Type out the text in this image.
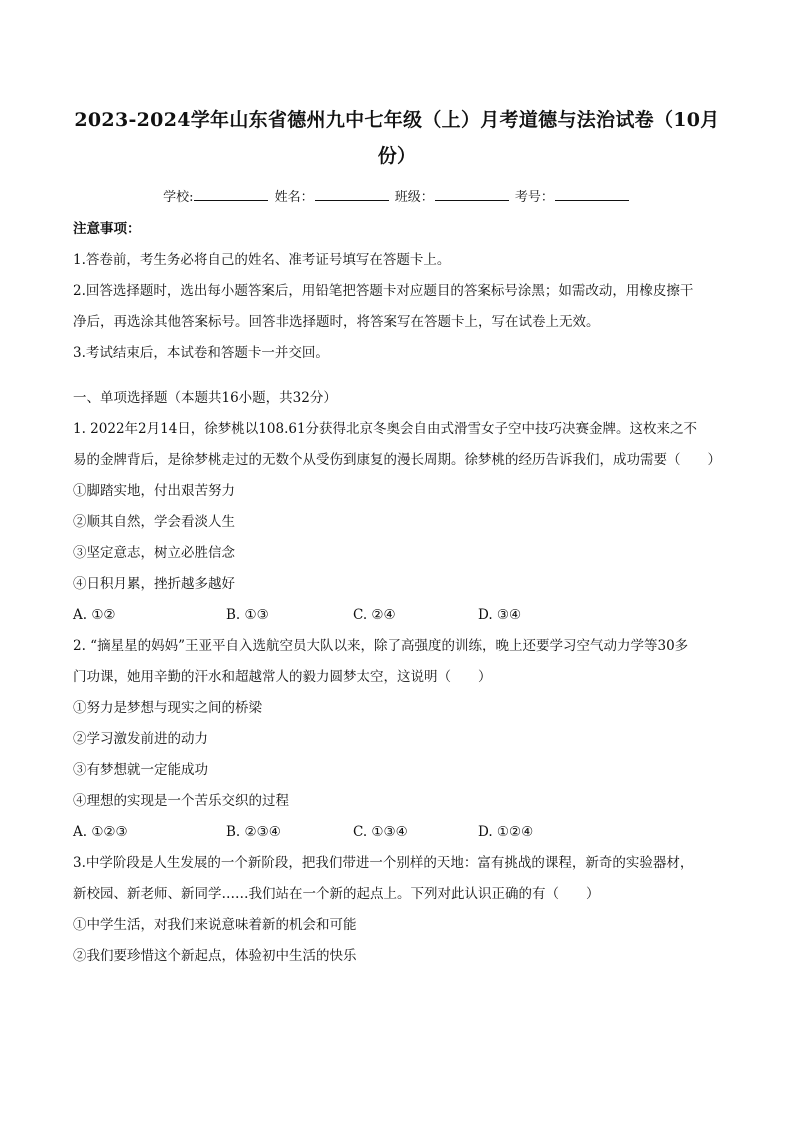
2023-2024学年山东省德州九中七年级（上）月考道德与法治试卷（10月份）
学校:	姓名：	班级：	考号：
注意事项：
1.答卷前，考生务必将自己的姓名、准考证号填写在答题卡上。
2.回答选择题时，选出每小题答案后，用铅笔把答题卡对应题目的答案标号涂黑；如需改动，用橡皮擦干
净后，再选涂其他答案标号。回答非选择题时，将答案写在答题卡上，写在试卷上无效。
3.考试结束后，本试卷和答题卡一并交回。
一、单项选择题（本题共16小题，共32分）
1. 2022年2月14日，徐梦桃以108.61分获得北京冬奥会自由式滑雪女子空中技巧决赛金牌。这枚来之不
易的金牌背后，是徐梦桃走过的无数个从受伤到康复的漫长周期。徐梦桃的经历告诉我们，成功需要（　　）
①脚踏实地，付出艰苦努力
②顺其自然，学会看淡人生
③坚定意志，树立必胜信念
④日积月累，挫折越多越好
A. ①②	B. ①③	C. ②④	D. ③④
2. “摘星星的妈妈”王亚平自入选航空员大队以来，除了高强度的训练，晚上还要学习空气动力学等30多
门功课，她用辛勤的汗水和超越常人的毅力圆梦太空，这说明（　　）
①努力是梦想与现实之间的桥梁
②学习激发前进的动力
③有梦想就一定能成功
④理想的实现是一个苦乐交织的过程
A. ①②③	B. ②③④	C. ①③④	D. ①②④
3.中学阶段是人生发展的一个新阶段，把我们带进一个别样的天地：富有挑战的课程，新奇的实验器材，
新校园、新老师、新同学……我们站在一个新的起点上。下列对此认识正确的有（　　）
①中学生活，对我们来说意味着新的机会和可能
②我们要珍惜这个新起点，体验初中生活的快乐
